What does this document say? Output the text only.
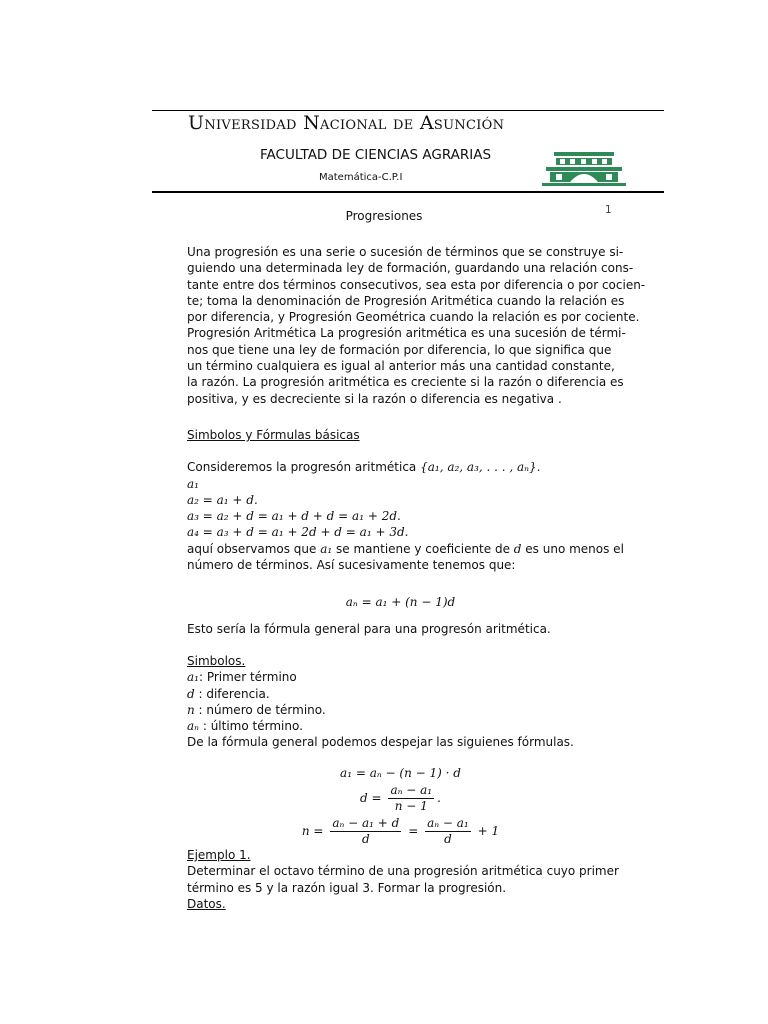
Universidad Nacional de Asunción
FACULTAD DE CIENCIAS AGRARIAS
Matemática-C.P.I
1
Progresiones

Una progresión es una serie o sucesión de términos que se construye si-

guiendo una determinada ley de formación, guardando una relación cons-

tante entre dos términos consecutivos, sea esta por diferencia o por cocien-

te; toma la denominación de Progresión Aritmética cuando la relación es

por diferencia, y Progresión Geométrica cuando la relación es por cociente.

Progresión Aritmética La progresión aritmética es una sucesión de térmi-

nos que tiene una ley de formación por diferencia, lo que significa que

un término cualquiera es igual al anterior más una cantidad constante,

la razón. La progresión aritmética es creciente si la razón o diferencia es

positiva, y es decreciente si la razón o diferencia es negativa .

Simbolos y Fórmulas básicas

Consideremos la progresón aritmética {a₁, a₂, a₃, . . . , aₙ}.

a₁

a₂ = a₁ + d.

a₃ = a₂ + d = a₁ + d + d = a₁ + 2d.

a₄ = a₃ + d = a₁ + 2d + d = a₁ + 3d.

aquí observamos que a₁ se mantiene y coeficiente de d es uno menos el

número de términos. Así sucesivamente tenemos que:

aₙ = a₁ + (n − 1)d

Esto sería la fórmula general para una progresón aritmética.

Simbolos.

a₁: Primer término

d : diferencia.

n : número de término.

aₙ : último término.

De la fórmula general podemos despejar las siguienes fórmulas.

a₁ = aₙ − (n − 1) · d

$d = \frac{\text{aₙ − a₁}}{n - 1}$ .

$n = \frac{\text{aₙ − a₁ + d}}{d} = \frac{\text{aₙ − a₁}}{d} + 1$

Ejemplo 1.

Determinar el octavo término de una progresión aritmética cuyo primer

término es 5 y la razón igual 3. Formar la progresión.

Datos.
